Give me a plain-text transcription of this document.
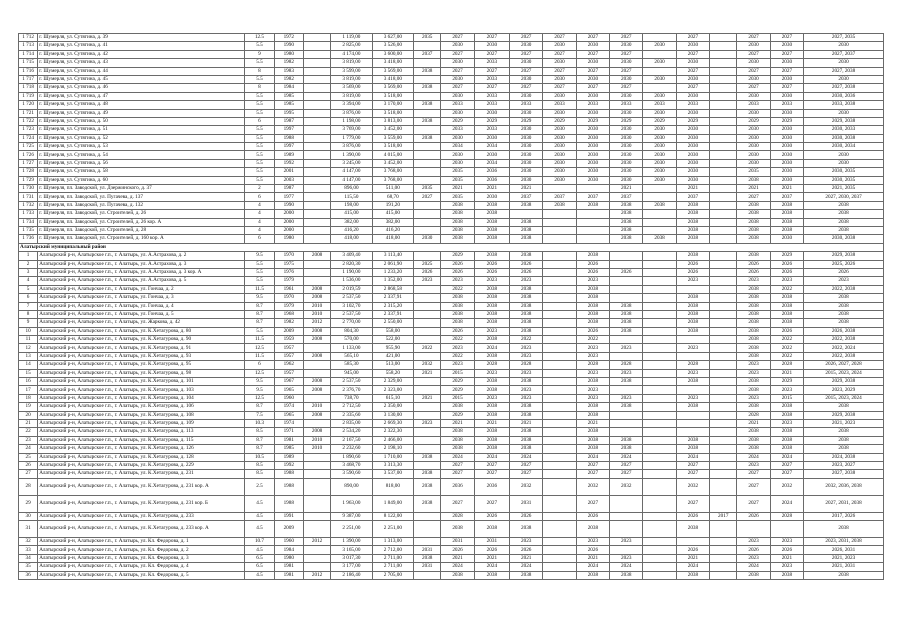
1 712	г. Шумерля, ул. Сутягина, д. 39	12.5	1972		1 119,00	3 627,00	2035	2027	2027	2027	2027	2027	2027		2027		2027	2027	2027, 2035
1 713	г. Шумерля, ул. Сутягина, д. 41	5.5	1990		2 825,00	3 526,00		2030	2030	2030	2030	2030	2030	2030	2030		2030	2030	2030
1 714	г. Шумерля, ул. Сутягина, д. 42	9	1980		4 174,00	3 600,00	2037	2027	2027	2027	2027	2027	2027		2027		2027	2027	2027, 2037
1 715	г. Шумерля, ул. Сутягина, д. 43	5.5	1982		3 819,00	3 418,00		2030	2033	2030	2030	2030	2030	2030	2030		2030	2030	2030
1 716	г. Шумерля, ул. Сутягина, д. 44	8	1983		3 599,00	3 569,00	2038	2027	2027	2027	2027	2027	2027		2027		2027	2027	2027, 2038
1 717	г. Шумерля, ул. Сутягина, д. 45	5.5	1982		3 819,00	3 418,00		2030	2033	2030	2030	2030	2030	2030	2030		2030	2030	2030
1 718	г. Шумерля, ул. Сутягина, д. 46	8	1984		3 569,00	3 569,00	2038	2027	2027	2027	2027	2027	2027		2027		2027	2027	2027, 2038
1 719	г. Шумерля, ул. Сутягина, д. 47	5.5	1985		3 819,00	3 518,00		2030	2033	2030	2030	2030	2030	2030	2030		2030	2030	2030, 2036
1 720	г. Шумерля, ул. Сутягина, д. 48	5.5	1985		3 394,00	3 170,00	2038	2033	2033	2033	2033	2033	2033	2033	2033		2033	2033	2033, 2038
1 721	г. Шумерля, ул. Сутягина, д. 49	5.5	1995		3 876,00	3 518,00		2030	2030	2030	2030	2030	2030	2030	2030		2030	2030	2030
1 722	г. Шумерля, ул. Сутягина, д. 50	6	1987		1 198,00	3 813,00	2038	2029	2029	2029	2029	2029	2029	2029	2029		2029	2029	2029, 2038
1 723	г. Шумерля, ул. Сутягина, д. 51	5.5	1997		3 769,00	3 452,00		2033	2033	2030	2030	2030	2030	2030	2030		2030	2030	2030, 2033
1 724	г. Шумерля, ул. Сутягина, д. 52	5.5	1988		1 779,00	3 559,00	2038	2030	2030	2030	2030	2030	2030	2030	2030		2030	2030	2030, 2038
1 725	г. Шумерля, ул. Сутягина, д. 53	5.5	1997		3 876,00	3 518,00		2034	2034	2030	2030	2030	2030	2030	2030		2030	2030	2030, 2034
1 726	г. Шумерля, ул. Сутягина, д. 54	5.5	1989		1 390,00	4 015,00		2030	2030	2030	2030	2030	2030	2030	2030		2030	2030	2030
1 727	г. Шумерля, ул. Сутягина, д. 56	5.5	1992		3 245,00	3 452,00		2030	2034	2030	2030	2030	2030	2030	2030		2030	2030	2030
1 728	г. Шумерля, ул. Сутягина, д. 58	5.5	2001		4 147,00	3 768,00		2035	2036	2030	2030	2030	2030	2030	2030		2035	2030	2030, 2035
1 729	г. Шумерля, ул. Сутягина, д. 60	5.5	2003		4 147,00	3 768,00		2035	2036	2030	2030	2030	2030	2030	2030		2038	2030	2030, 2035
1 730	г. Шумерля, пл. Заводской, ул. Дзержинского, д. 37	2	1987		896,00	511,00	2035	2021	2021	2021			2021		2021		2021	2021	2021, 2035
1 731	г. Шумерля, пл. Заводской, ул. Пугачева, д. 137	6	1977		115,50	68,70	2027	2035	2030	2037	2037	2037	2037		2037		2027	2037	2027, 2030, 2037
1 732	г. Шумерля, пл. Заводской, ул. Пугачева, д. 132	4	1990		198,00	191,20		2038	2038	2038	2038	2038	2038	2038	2038		2038	2038	2038
1 733	г. Шумерля, пл. Заводской, ул. Строителей, д. 26	4	2000		415,00	415,00		2038	2038				2038		2038		2038	2038	2038
1 734	г. Шумерля, пл. Заводской, ул. Строителей, д. 26 кор. А	4	2000		382,00	382,00		2038	2038	2038			2038		2038		2038	2038	2038
1 735	г. Шумерля, пл. Заводской, ул. Строителей, д. 28	4	2000		416,20	416,20		2038	2038	2038			2038		2038		2038	2038	2038
1 736	г. Шумерля, пл. Заводской, ул. Строителей, д. 160 кор. А	6	1980		418,00	418,00	2030	2038	2038	2038			2038	2038	2038		2038	2030	2030, 2038
Алатырский муниципальный район																			
1	Алатырский р-н, Алатырское г.п., г. Алатырь, ул. А.Астрахова, д. 2	9.5	1970	2008	3 409,40	3 113,40		2029	2038	2038		2038			2038		2038	2029	2029, 2038
2	Алатырский р-н, Алатырское г.п., г. Алатырь, ул. А.Астрахова, д. 3	5.5	1975		2 820,30	2 061,90	2025	2026	2026	2026		2026			2026		2026	2026	2025, 2026
3	Алатырский р-н, Алатырское г.п., г. Алатырь, ул. А.Астрахова, д. 3 кор. А	5.5	1976		1 190,00	1 233,20	2026	2026	2026	2026		2026	2026		2026		2026	2026	2026
4	Алатырский р-н, Алатырское г.п., г. Алатырь, ул. А.Астрахова, д. 5	5.5	1979		1 536,00	1 352,00	2023	2023	2023	2023		2023			2023		2023	2023	2023
5	Алатырский р-н, Алатырское г.п., г. Алатырь, ул. Гончаа, д. 2	11.5	1961	2008	2 019,59	2 868,58		2022	2038	2038		2038					2038	2022	2022, 2038
6	Алатырский р-н, Алатырское г.п., г. Алатырь, ул. Гончаа, д. 3	9.5	1970	2008	2 537,50	2 337,91		2038	2038	2038		2038			2038		2038	2038	2038
7	Алатырский р-н, Алатырское г.п., г. Алатырь, ул. Гончаа, д. 4	8.7	1979	2010	3 102,70	2 315,20		2038	2038	2038		2038	2038		2038		2038	2038	2038
8	Алатырский р-н, Алатырское г.п., г. Алатырь, ул. Гончаа, д. 5	8.7	1968	2010	2 537,50	2 337,91		2038	2038	2038		2038	2038		2038		2038	2038	2038
9	Алатырский р-н, Алатырское г.п., г. Алатырь, ул. Жаркова, д. 42	8.7	1982	2012	2 770,00	2 550,00		2038	2038	2038		2038	2038		2038		2038	2038	2038
10	Алатырский р-н, Алатырское г.п., г. Алатырь, ул. К.Хетагурова, д. 80	5.5	2009	2008	804,30	558,00		2026	2023	2038		2026	2038		2038		2038	2026	2026, 2038
11	Алатырский р-н, Алатырское г.п., г. Алатырь, ул. К.Хетагурова, д. 90	11.5	1959	2008	570,00	522,00		2022	2038	2022		2022					2038	2022	2022, 2038
12	Алатырский р-н, Алатырское г.п., г. Алатырь, ул. К.Хетагурова, д. 91	12.5	1957		1 133,00	955,90	2022	2023	2024	2023		2023	2023		2023		2038	2022	2022, 2024
13	Алатырский р-н, Алатырское г.п., г. Алатырь, ул. К.Хетагурова, д. 93	11.5	1957	2008	565,10	421,00		2022	2038	2023		2023					2038	2022	2022, 2038
14	Алатырский р-н, Алатырское г.п., г. Алатырь, ул. К.Хетагурова, д. 95	6	1962		585,30	513,00	2032	2023	2028	2028		2028	2028		2028		2023	2028	2026, 2027, 2028
15	Алатырский р-н, Алатырское г.п., г. Алатырь, ул. К.Хетагурова, д. 98	12.5	1957		945,00	558,20	2021	2015	2023	2023		2023	2023		2023		2023	2021	2015, 2023, 2024
16	Алатырский р-н, Алатырское г.п., г. Алатырь, ул. К.Хетагурова, д. 101	9.5	1967	2008	2 537,50	2 329,00		2029	2038	2038		2038	2038		2038		2038	2029	2029, 2038
17	Алатырский р-н, Алатырское г.п., г. Алатырь, ул. К.Хетагурова, д. 103	9.5	1965	2008	2 376,70	2 323,00		2029	2038	2023		2023					2038	2023	2023, 2029
18	Алатырский р-н, Алатырское г.п., г. Алатырь, ул. К.Хетагурова, д. 104	12.5	1960		738,70	615,10	2021	2015	2023	2023		2023	2023		2023		2023	2015	2015, 2023, 2024
19	Алатырский р-н, Алатырское г.п., г. Алатырь, ул. К.Хетагурова, д. 106	8.7	1974	2010	2 712,50	2 350,00		2038	2038	2038		2038	2038		2038		2038	2038	2038
20	Алатырский р-н, Алатырское г.п., г. Алатырь, ул. К.Хетагурова, д. 108	7.5	1965	2008	2 335,60	3 130,00		2029	2038	2038		2038					2028	2038	2029, 2038
21	Алатырский р-н, Алатырское г.п., г. Алатырь, ул. К.Хетагурова, д. 109	10.3	1974		2 835,00	2 669,30	2023	2021	2021	2021		2021					2021	2023	2021, 2023
22	Алатырский р-н, Алатырское г.п., г. Алатырь, ул. К.Хетагурова, д. 113	8.5	1971	2008	2 534,20	2 322,30		2038	2038	2038		2038					2038	2038	2038
23	Алатырский р-н, Алатырское г.п., г. Алатырь, ул. К.Хетагурова, д. 115	8.7	1981	2010	2 167,50	2 466,00		2038	2038	2038		2038	2038		2038		2038	2038	2038
24	Алатырский р-н, Алатырское г.п., г. Алатырь, ул. К.Хетагурова, д. 126	8.7	1985	2010	2 232,60	2 198,10		2038	2038	2038		2038	2038		2038		2038	2038	2038
25	Алатырский р-н, Алатырское г.п., г. Алатырь, ул. К.Хетагурова, д. 128	10.5	1989		1 890,60	1 710,00	2038	2024	2024	2024		2024	2024		2024		2024	2024	2024, 2038
26	Алатырский р-н, Алатырское г.п., г. Алатырь, ул. К.Хетагурова, д. 229	8.5	1992		3 468,70	3 313,30		2027	2027	2027		2027	2027		2027		2023	2027	2023, 2027
27	Алатырский р-н, Алатырское г.п., г. Алатырь, ул. К.Хетагурова, д. 231	8.5	1988		3 590,60	3 537,00	2038	2027	2027	2027		2027	2027		2027		2027	2027	2027, 2038
28	Алатырский р-н, Алатырское г.п., г. Алатырь, ул. К.Хетагурова, д. 231 кор. А	2.5	1988		890,00	818,00	2038	2036	2036	2032		2032	2032		2032		2027	2032	2032, 2036, 2038
29	Алатырский р-н, Алатырское г.п., г. Алатырь, ул. К.Хетагурова, д. 231 кор. Б	4.5	1988		1 963,00	1 849,00	2038	2027	2027	2031		2027			2027		2027	2024	2027, 2031, 2038
30	Алатырский р-н, Алатырское г.п., г. Алатырь, ул. К.Хетагурова, д. 233	4.5	1991		9 387,00	8 122,00		2028	2026	2026		2026			2026	2017	2026	2028	2017, 2026
31	Алатырский р-н, Алатырское г.п., г. Алатырь, ул. К.Хетагурова, д. 233 кор. А	4.5	2009		2 251,00	2 251,00		2038	2038	2038		2038			2038				2038
32	Алатырский р-н, Алатырское г.п., г. Алатырь, ул. Кл. Федорова, д. 1	10.7	1960	2012	1 390,00	1 313,00		2031	2031	2023		2023	2023				2023	2023	2023, 2031, 2038
33	Алатырский р-н, Алатырское г.п., г. Алатырь, ул. Кл. Федорова, д. 2	4.5	1984		3 165,00	2 712,00	2031	2026	2026	2026		2026			2026		2026	2026	2026, 2031
34	Алатырский р-н, Алатырское г.п., г. Алатырь, ул. Кл. Федорова, д. 3	6.5	1980		3 017,30	2 711,00	2038	2021	2021	2021		2021	2023		2021		2023	2021	2021, 2023
35	Алатырский р-н, Алатырское г.п., г. Алатырь, ул. Кл. Федорова, д. 4	6.5	1981		3 177,00	2 711,00	2031	2024	2024	2024		2024	2024		2024		2024	2023	2021, 2031
36	Алатырский р-н, Алатырское г.п., г. Алатырь, ул. Кл. Федорова, д. 5	4.5	1981	2012	2 186,40	2 705,00		2038	2038	2038		2038	2038		2038		2038	2038	2038
